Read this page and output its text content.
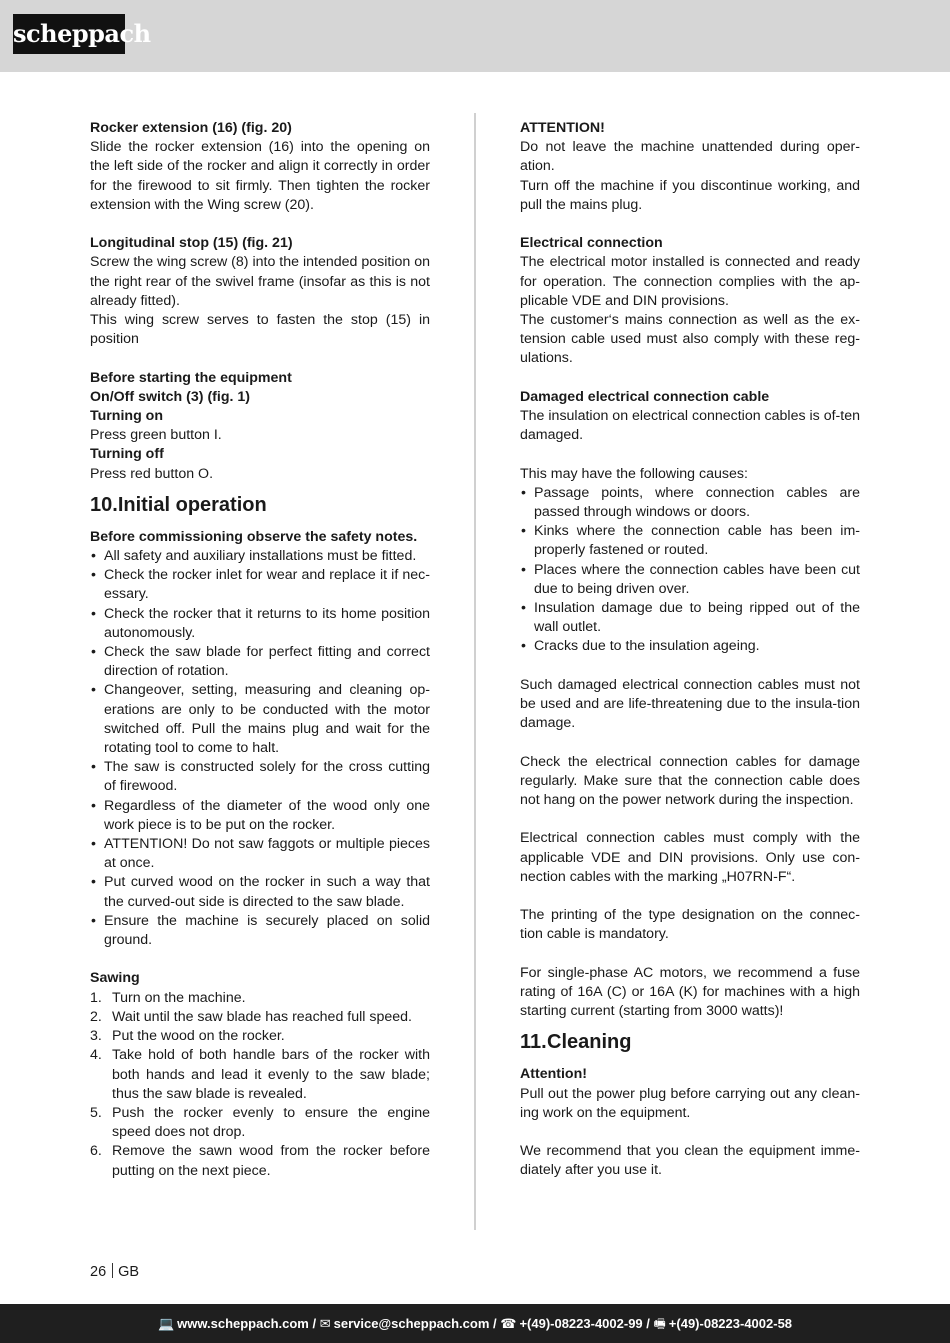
scheppach

Rocker extension (16) (fig. 20)

Slide the rocker extension (16) into the opening on the left side of the rocker and align it correctly in order for the firewood to sit firmly. Then tighten the rocker extension with the Wing screw (20).

Longitudinal stop (15) (fig. 21)

Screw the wing screw (8) into the intended position on the right rear of the swivel frame (insofar as this is not already fitted).

This wing screw serves to fasten the stop (15) in position

Before starting the equipment

On/Off switch (3) (fig. 1)

Turning on

Press green button I.

Turning off

Press red button O.

10.Initial operation

Before commissioning observe the safety notes.

• All safety and auxiliary installations must be fitted.
• Check the rocker inlet for wear and replace it if nec-essary.
• Check the rocker that it returns to its home position autonomously.
• Check the saw blade for perfect fitting and correct direction of rotation.
• Changeover, setting, measuring and cleaning op-erations are only to be conducted with the motor switched off. Pull the mains plug and wait for the rotating tool to come to halt.
• The saw is constructed solely for the cross cutting of firewood.
• Regardless of the diameter of the wood only one work piece is to be put on the rocker.
• ATTENTION! Do not saw faggots or multiple pieces at once.
• Put curved wood on the rocker in such a way that the curved-out side is directed to the saw blade.
• Ensure the machine is securely placed on solid ground.

Sawing

1. Turn on the machine.
2. Wait until the saw blade has reached full speed.
3. Put the wood on the rocker.
4. Take hold of both handle bars of the rocker with both hands and lead it evenly to the saw blade; thus the saw blade is revealed.
5. Push the rocker evenly to ensure the engine speed does not drop.
6. Remove the sawn wood from the rocker before putting on the next piece.

ATTENTION!

Do not leave the machine unattended during oper-ation.

Turn off the machine if you discontinue working, and pull the mains plug.

Electrical connection

The electrical motor installed is connected and ready for operation. The connection complies with the ap-plicable VDE and DIN provisions.

The customer‘s mains connection as well as the ex-tension cable used must also comply with these reg-ulations.

Damaged electrical connection cable

The insulation on electrical connection cables is of-ten damaged.

This may have the following causes:

• Passage points, where connection cables are passed through windows or doors.
• Kinks where the connection cable has been im-properly fastened or routed.
• Places where the connection cables have been cut due to being driven over.
• Insulation damage due to being ripped out of the wall outlet.
• Cracks due to the insulation ageing.

Such damaged electrical connection cables must not be used and are life-threatening due to the insula-tion damage.

Check the electrical connection cables for damage regularly. Make sure that the connection cable does not hang on the power network during the inspection.

Electrical connection cables must comply with the applicable VDE and DIN provisions. Only use con-nection cables with the marking „H07RN-F“.

The printing of the type designation on the connec-tion cable is mandatory.

For single-phase AC motors, we recommend a fuse rating of 16A (C) or 16A (K) for machines with a high starting current (starting from 3000 watts)!

11.Cleaning

Attention!

Pull out the power plug before carrying out any clean-ing work on the equipment.

We recommend that you clean the equipment imme-diately after you use it.

26 GB
💻 www.scheppach.com / ✉ service@scheppach.com / ☎ +(49)-08223-4002-99 / 🖷 +(49)-08223-4002-58
